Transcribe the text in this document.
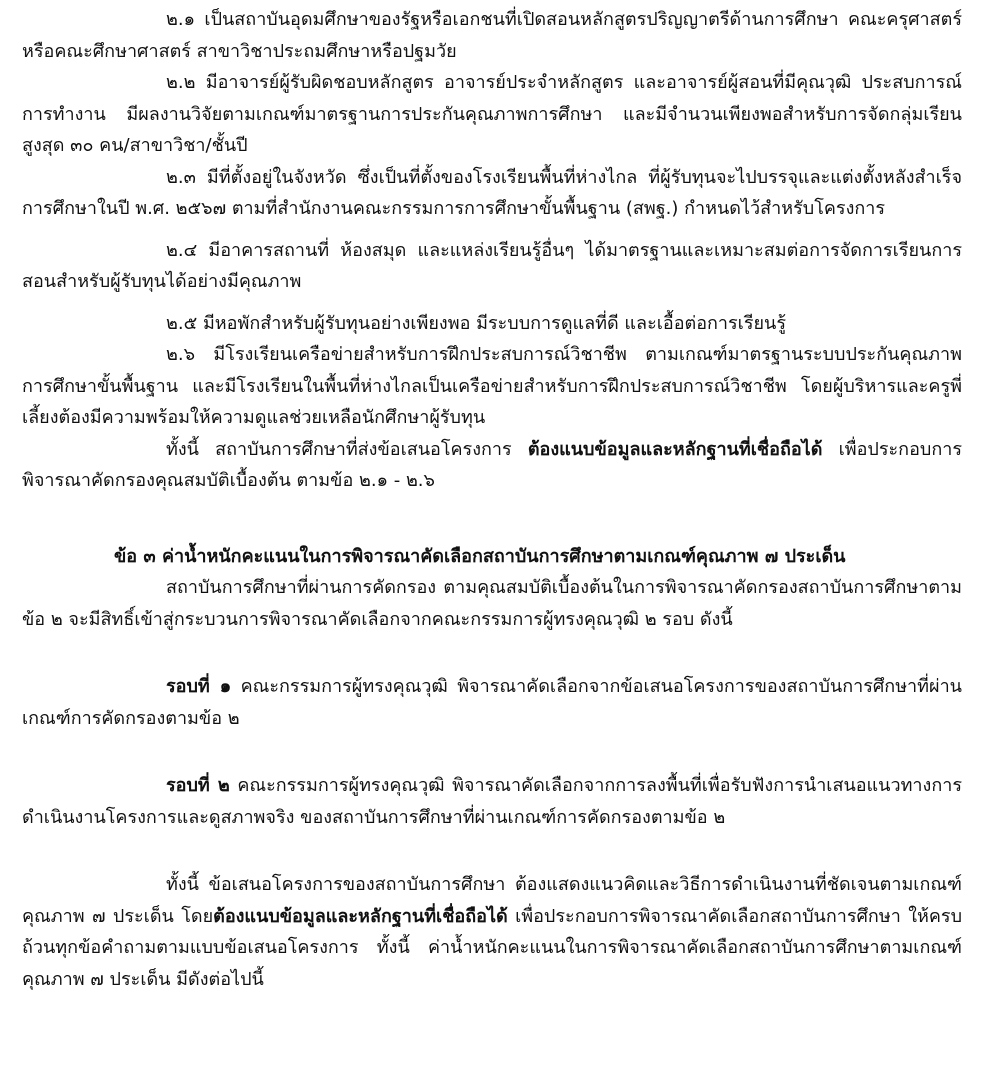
๒.๑ เป็นสถาบันอุดมศึกษาของรัฐหรือเอกชนที่เปิดสอนหลักสูตรปริญญาตรีด้านการศึกษา คณะครุศาสตร์ หรือคณะศึกษาศาสตร์ สาขาวิชาประถมศึกษาหรือปฐมวัย

๒.๒ มีอาจารย์ผู้รับผิดชอบหลักสูตร อาจารย์ประจำหลักสูตร และอาจารย์ผู้สอนที่มีคุณวุฒิ ประสบการณ์การทำงาน มีผลงานวิจัยตามเกณฑ์มาตรฐานการประกันคุณภาพการศึกษา และมีจำนวนเพียงพอสำหรับการจัดกลุ่มเรียนสูงสุด ๓๐ คน/สาขาวิชา/ชั้นปี

๒.๓ มีที่ตั้งอยู่ในจังหวัด ซึ่งเป็นที่ตั้งของโรงเรียนพื้นที่ห่างไกล ที่ผู้รับทุนจะไปบรรจุและแต่งตั้งหลังสำเร็จการศึกษาในปี พ.ศ. ๒๕๖๗ ตามที่สำนักงานคณะกรรมการการศึกษาขั้นพื้นฐาน (สพฐ.) กำหนดไว้สำหรับโครงการ

๒.๔ มีอาคารสถานที่ ห้องสมุด และแหล่งเรียนรู้อื่นๆ ได้มาตรฐานและเหมาะสมต่อการจัดการเรียนการสอนสำหรับผู้รับทุนได้อย่างมีคุณภาพ

๒.๕ มีหอพักสำหรับผู้รับทุนอย่างเพียงพอ มีระบบการดูแลที่ดี และเอื้อต่อการเรียนรู้

๒.๖ มีโรงเรียนเครือข่ายสำหรับการฝึกประสบการณ์วิชาชีพ ตามเกณฑ์มาตรฐานระบบประกันคุณภาพการศึกษาขั้นพื้นฐาน และมีโรงเรียนในพื้นที่ห่างไกลเป็นเครือข่ายสำหรับการฝึกประสบการณ์วิชาชีพ โดยผู้บริหารและครูพี่เลี้ยงต้องมีความพร้อมให้ความดูแลช่วยเหลือนักศึกษาผู้รับทุน

ทั้งนี้ สถาบันการศึกษาที่ส่งข้อเสนอโครงการ ต้องแนบข้อมูลและหลักฐานที่เชื่อถือได้ เพื่อประกอบการพิจารณาคัดกรองคุณสมบัติเบื้องต้น ตามข้อ ๒.๑ - ๒.๖

ข้อ ๓ ค่าน้ำหนักคะแนนในการพิจารณาคัดเลือกสถาบันการศึกษาตามเกณฑ์คุณภาพ ๗ ประเด็น

สถาบันการศึกษาที่ผ่านการคัดกรอง ตามคุณสมบัติเบื้องต้นในการพิจารณาคัดกรองสถาบันการศึกษาตามข้อ ๒ จะมีสิทธิ์เข้าสู่กระบวนการพิจารณาคัดเลือกจากคณะกรรมการผู้ทรงคุณวุฒิ ๒ รอบ ดังนี้

รอบที่ ๑ คณะกรรมการผู้ทรงคุณวุฒิ พิจารณาคัดเลือกจากข้อเสนอโครงการของสถาบันการศึกษาที่ผ่านเกณฑ์การคัดกรองตามข้อ ๒

รอบที่ ๒ คณะกรรมการผู้ทรงคุณวุฒิ พิจารณาคัดเลือกจากการลงพื้นที่เพื่อรับฟังการนำเสนอแนวทางการดำเนินงานโครงการและดูสภาพจริง ของสถาบันการศึกษาที่ผ่านเกณฑ์การคัดกรองตามข้อ ๒

ทั้งนี้ ข้อเสนอโครงการของสถาบันการศึกษา ต้องแสดงแนวคิดและวิธีการดำเนินงานที่ชัดเจนตามเกณฑ์คุณภาพ ๗ ประเด็น โดยต้องแนบข้อมูลและหลักฐานที่เชื่อถือได้ เพื่อประกอบการพิจารณาคัดเลือกสถาบันการศึกษา ให้ครบถ้วนทุกข้อคำถามตามแบบข้อเสนอโครงการ ทั้งนี้ ค่าน้ำหนักคะแนนในการพิจารณาคัดเลือกสถาบันการศึกษาตามเกณฑ์คุณภาพ ๗ ประเด็น มีดังต่อไปนี้
